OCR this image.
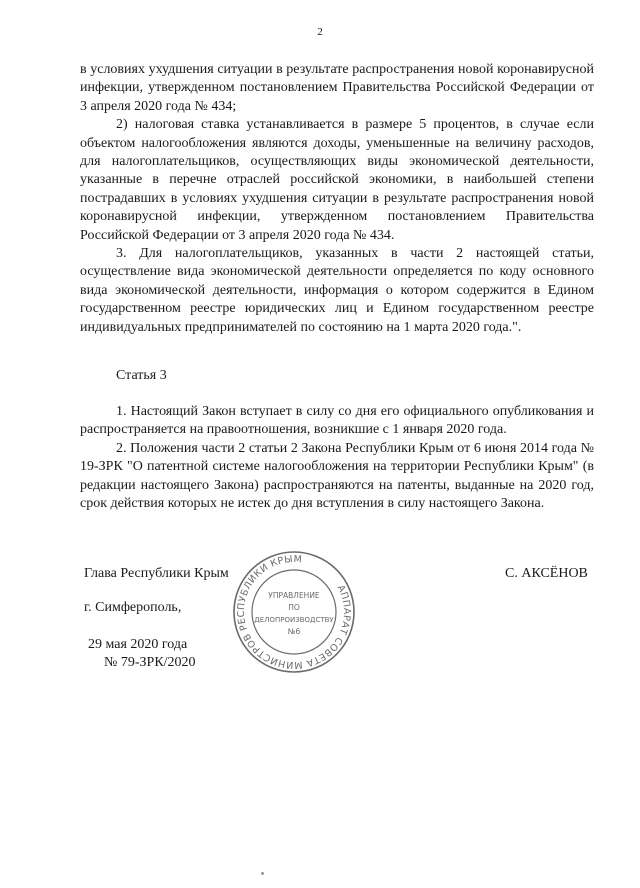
2

в условиях ухудшения ситуации в результате распространения новой коронавирусной инфекции, утвержденном постановлением Правительства Российской Федерации от 3 апреля 2020 года № 434;

2) налоговая ставка устанавливается в размере 5 процентов, в случае если объектом налогообложения являются доходы, уменьшенные на величину расходов, для налогоплательщиков, осуществляющих виды экономической деятельности, указанные в перечне отраслей российской экономики, в наибольшей степени пострадавших в условиях ухудшения ситуации в результате распространения новой коронавирусной инфекции, утвержденном постановлением Правительства Российской Федерации от 3 апреля 2020 года № 434.

3. Для налогоплательщиков, указанных в части 2 настоящей статьи, осуществление вида экономической деятельности определяется по коду основного вида экономической деятельности, информация о котором содержится в Едином государственном реестре юридических лиц и Едином государственном реестре индивидуальных предпринимателей по состоянию на 1 марта 2020 года.".

Статья 3

1. Настоящий Закон вступает в силу со дня его официального опубликования и распространяется на правоотношения, возникшие с 1 января 2020 года.

2. Положения части 2 статьи 2 Закона Республики Крым от 6 июня 2014 года № 19-ЗРК "О патентной системе налогообложения на территории Республики Крым" (в редакции настоящего Закона) распространяются на патенты, выданные на 2020 год, срок действия которых не истек до дня вступления в силу настоящего Закона.

Глава Республики Крым	С. АКСЁНОВ
г. Симферополь,
29 мая 2020 года
№ 79-ЗРК/2020
АППАРАТ СОВЕТА МИНИСТРОВ РЕСПУБЛИКИ КРЫМ
УПРАВЛЕНИЕ
ПО
ДЕЛОПРОИЗВОДСТВУ
№6
